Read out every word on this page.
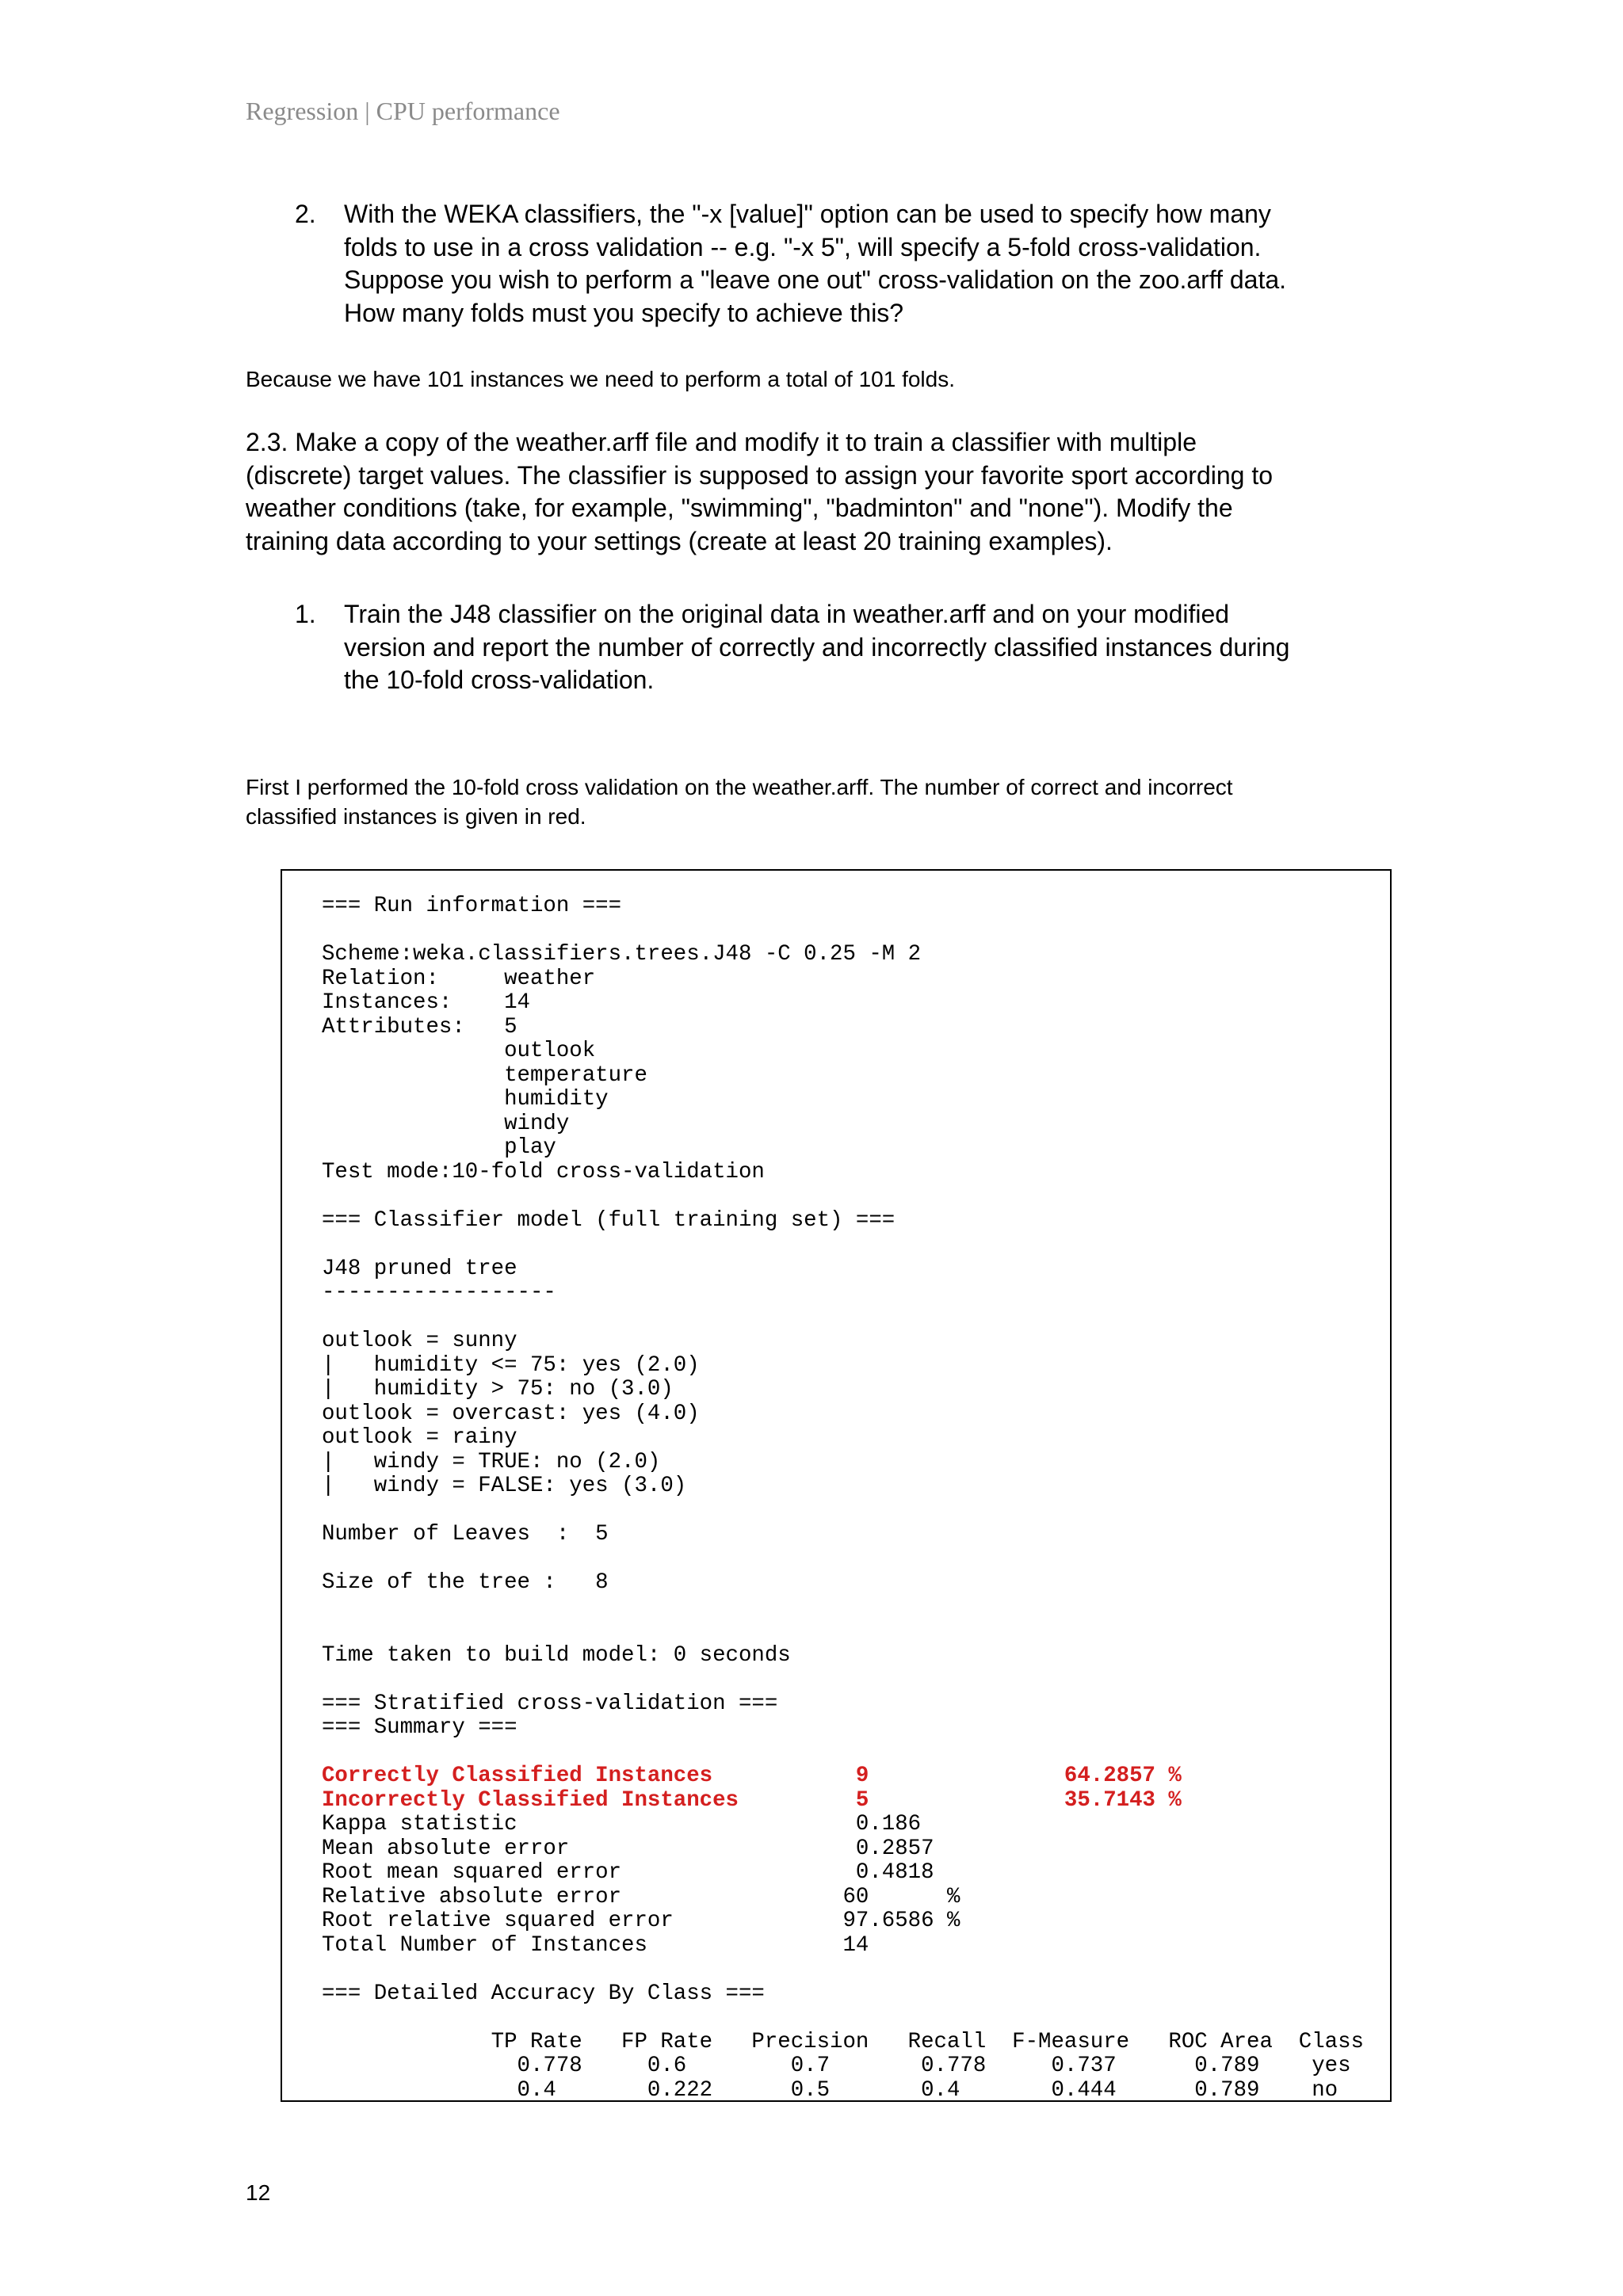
Regression | CPU performance
2. With the WEKA classifiers, the "-x [value]" option can be used to specify how many
folds to use in a cross validation -- e.g. "-x 5", will specify a 5-fold cross-validation.
Suppose you wish to perform a "leave one out" cross-validation on the zoo.arff data.
How many folds must you specify to achieve this?
Because we have 101 instances we need to perform a total of 101 folds.
2.3. Make a copy of the weather.arff file and modify it to train a classifier with multiple
(discrete) target values. The classifier is supposed to assign your favorite sport according to
weather conditions (take, for example, "swimming", "badminton" and "none"). Modify the
training data according to your settings (create at least 20 training examples).
1. Train the J48 classifier on the original data in weather.arff and on your modified
version and report the number of correctly and incorrectly classified instances during
the 10-fold cross-validation.
First I performed the 10-fold cross validation on the weather.arff. The number of correct and incorrect
classified instances is given in red.
=== Run information ===

Scheme:weka.classifiers.trees.J48 -C 0.25 -M 2
Relation:     weather
Instances:    14
Attributes:   5
outlook
temperature
humidity
windy
play
Test mode:10-fold cross-validation

=== Classifier model (full training set) ===

J48 pruned tree
------------------

outlook = sunny
|   humidity <= 75: yes (2.0)
|   humidity > 75: no (3.0)
outlook = overcast: yes (4.0)
outlook = rainy
|   windy = TRUE: no (2.0)
|   windy = FALSE: yes (3.0)

Number of Leaves  :  5

Size of the tree :   8

Time taken to build model: 0 seconds

=== Stratified cross-validation ===
=== Summary ===

Correctly Classified Instances           9               64.2857 %
Incorrectly Classified Instances         5               35.7143 %
Kappa statistic                          0.186
Mean absolute error                      0.2857
Root mean squared error                  0.4818
Relative absolute error                 60      %
Root relative squared error             97.6586 %
Total Number of Instances               14

=== Detailed Accuracy By Class ===

TP Rate   FP Rate   Precision   Recall  F-Measure   ROC Area  Class
0.778     0.6        0.7       0.778     0.737      0.789    yes
0.4       0.222      0.5       0.4       0.444      0.789    no
12
